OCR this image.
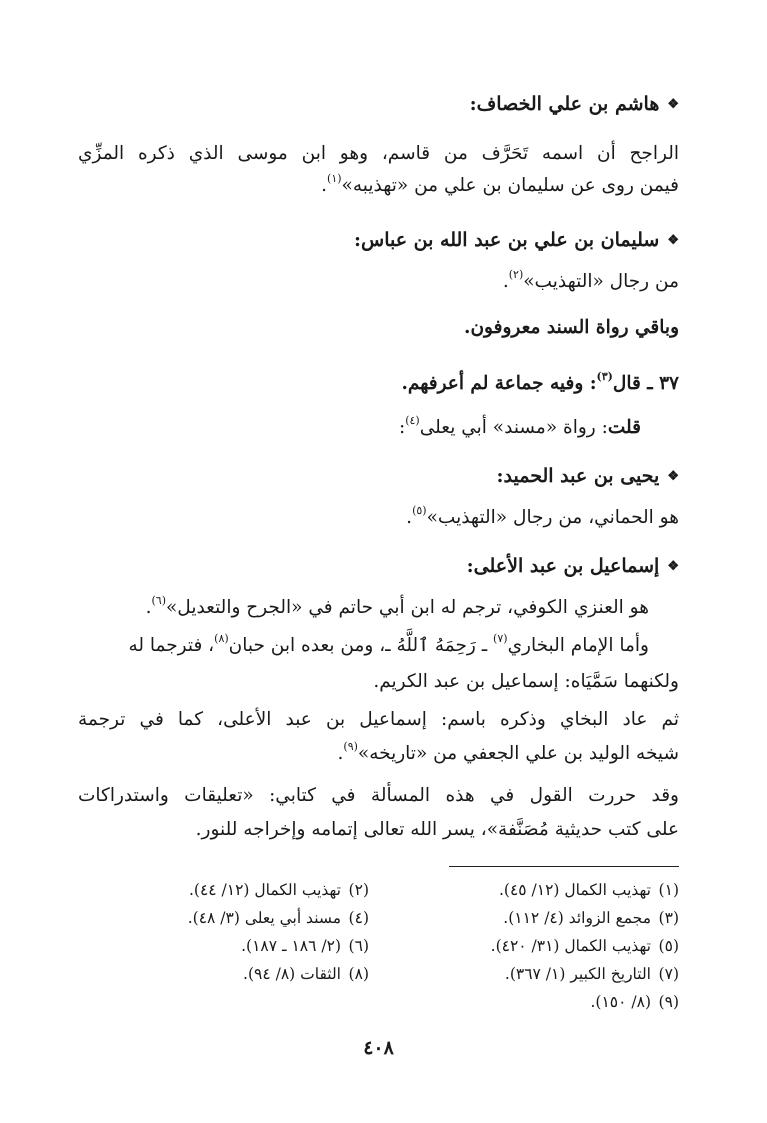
❖هاشم بن علي الخصاف:
الراجح أن اسمه تَحَرَّف من قاسم، وهو ابن موسى الذي ذكره المزِّي
فيمن روى عن سليمان بن علي من «تهذيبه»$^{(١)}$.
❖سليمان بن علي بن عبد الله بن عباس:
من رجال «التهذيب»$^{(٢)}$.
وباقي رواة السند معروفون.
٣٧ ـ قال$^{(٣)}$: وفيه جماعة لم أعرفهم.
قلت: رواة «مسند» أبي يعلى$^{(٤)}$:
❖يحيى بن عبد الحميد:
هو الحماني، من رجال «التهذيب»$^{(٥)}$.
❖إسماعيل بن عبد الأعلى:
هو العنزي الكوفي، ترجم له ابن أبي حاتم في «الجرح والتعديل»$^{(٦)}$.
وأما الإمام البخاري$^{(٧)}$ ـ رَحِمَهُ ٱللَّهُ ـ، ومن بعده ابن حبان$^{(٨)}$، فترجما له
ولكنهما سَمَّيَاه: إسماعيل بن عبد الكريم.
ثم عاد البخاي وذكره باسم: إسماعيل بن عبد الأعلى، كما في ترجمة
شيخه الوليد بن علي الجعفي من «تاريخه»$^{(٩)}$.
وقد حررت القول في هذه المسألة في كتابي: «تعليقات واستدراكات
على كتب حديثية مُصَنَّفة»، يسر الله تعالى إتمامه وإخراجه للنور.
(١)تهذيب الكمال (١٢/ ٤٥).
(٣)مجمع الزوائد (٤/ ١١٢).
(٥)تهذيب الكمال (٣١/ ٤٢٠).
(٧)التاريخ الكبير (١/ ٣٦٧).
(٩)(٨/ ١٥٠).
(٢)تهذيب الكمال (١٢/ ٤٤).
(٤)مسند أبي يعلى (٣/ ٤٨).
(٦)(٢/ ١٨٦ ـ ١٨٧).
(٨)الثقات (٨/ ٩٤).
٤٠٨
